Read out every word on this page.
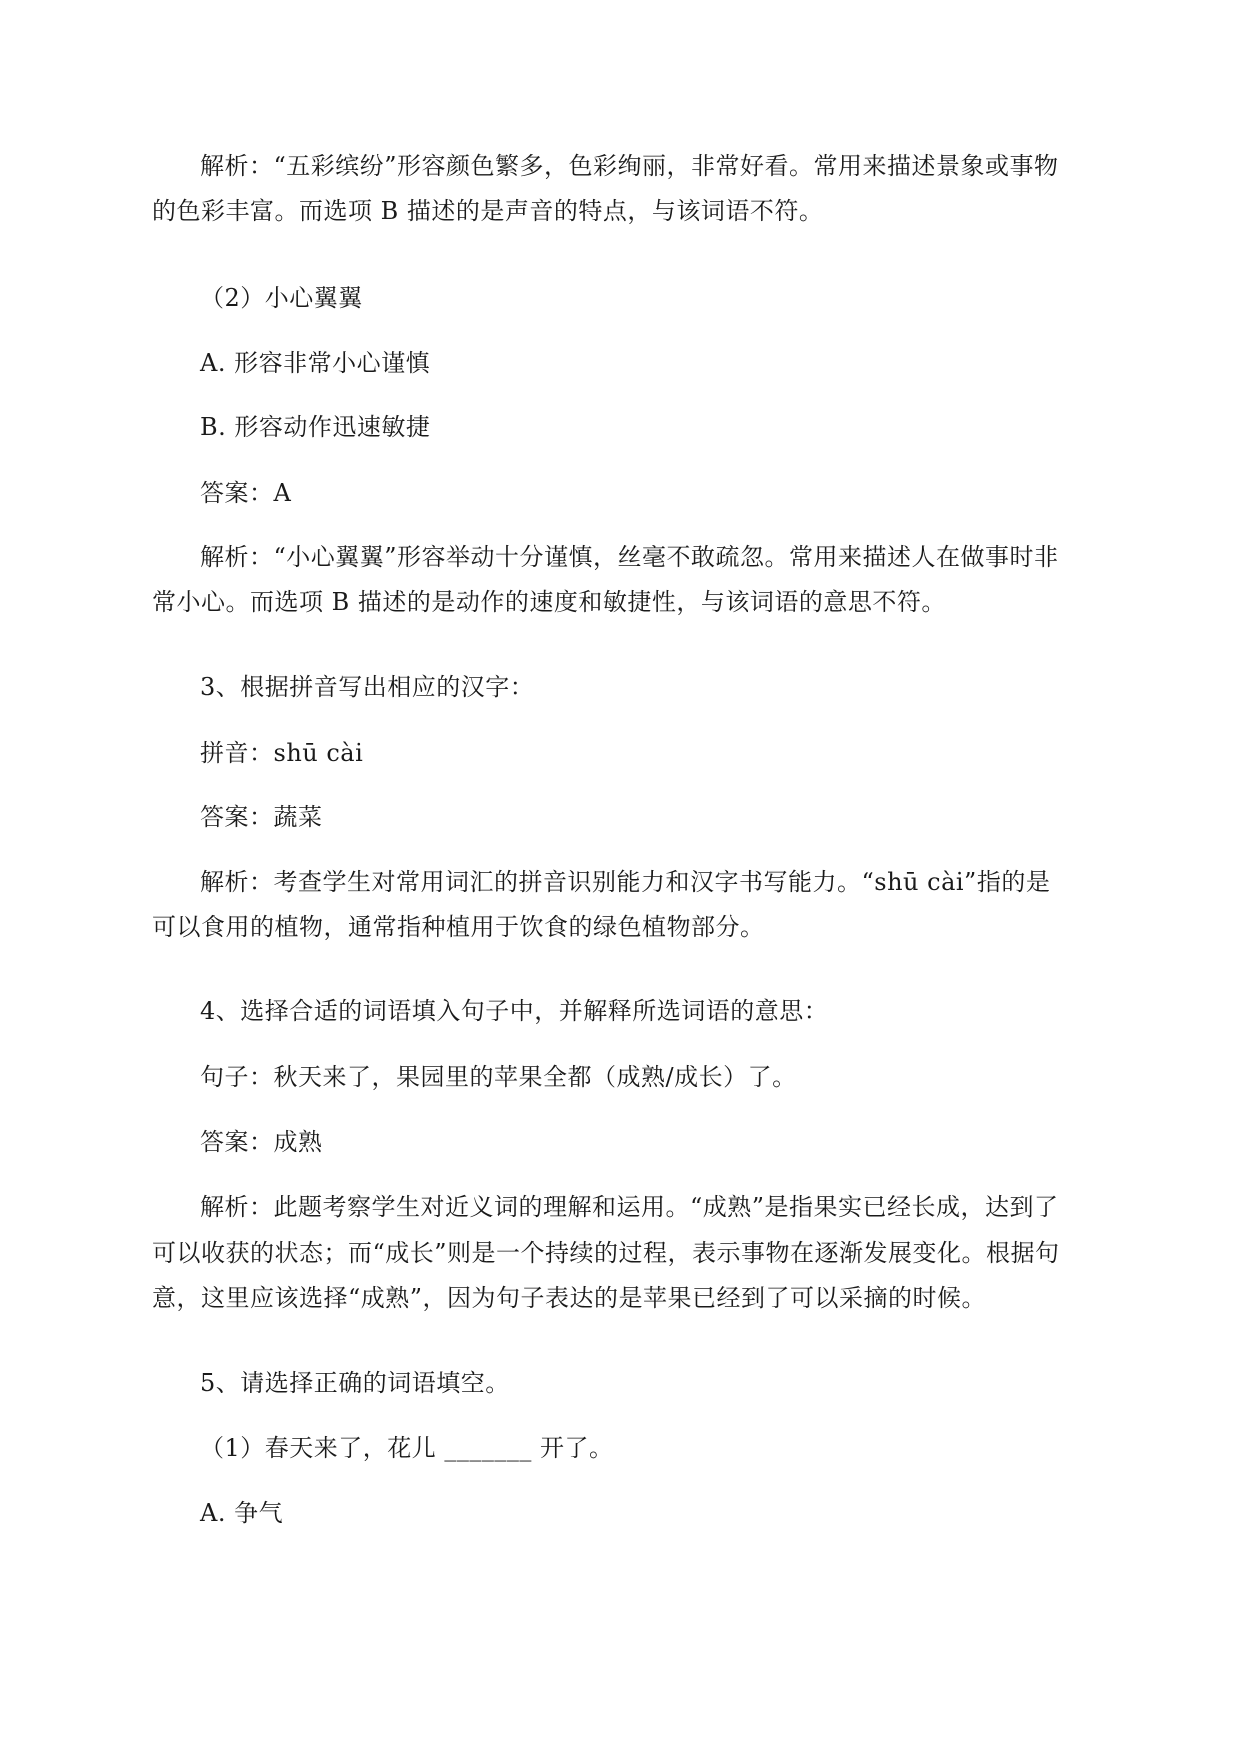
解析：“五彩缤纷”形容颜色繁多，色彩绚丽，非常好看。常用来描述景象或事物
的色彩丰富。而选项 B 描述的是声音的特点，与该词语不符。
（2）小心翼翼
A. 形容非常小心谨慎
B. 形容动作迅速敏捷
答案：A
解析：“小心翼翼”形容举动十分谨慎，丝毫不敢疏忽。常用来描述人在做事时非
常小心。而选项 B 描述的是动作的速度和敏捷性，与该词语的意思不符。
3、根据拼音写出相应的汉字：
拼音：shū cài
答案：蔬菜
解析：考查学生对常用词汇的拼音识别能力和汉字书写能力。“shū cài”指的是
可以食用的植物，通常指种植用于饮食的绿色植物部分。
4、选择合适的词语填入句子中，并解释所选词语的意思：
句子：秋天来了，果园里的苹果全都（成熟/成长）了。
答案：成熟
解析：此题考察学生对近义词的理解和运用。“成熟”是指果实已经长成，达到了
可以收获的状态；而“成长”则是一个持续的过程，表示事物在逐渐发展变化。根据句
意，这里应该选择“成熟”，因为句子表达的是苹果已经到了可以采摘的时候。
5、请选择正确的词语填空。
（1）春天来了，花儿 _______ 开了。
A. 争气
